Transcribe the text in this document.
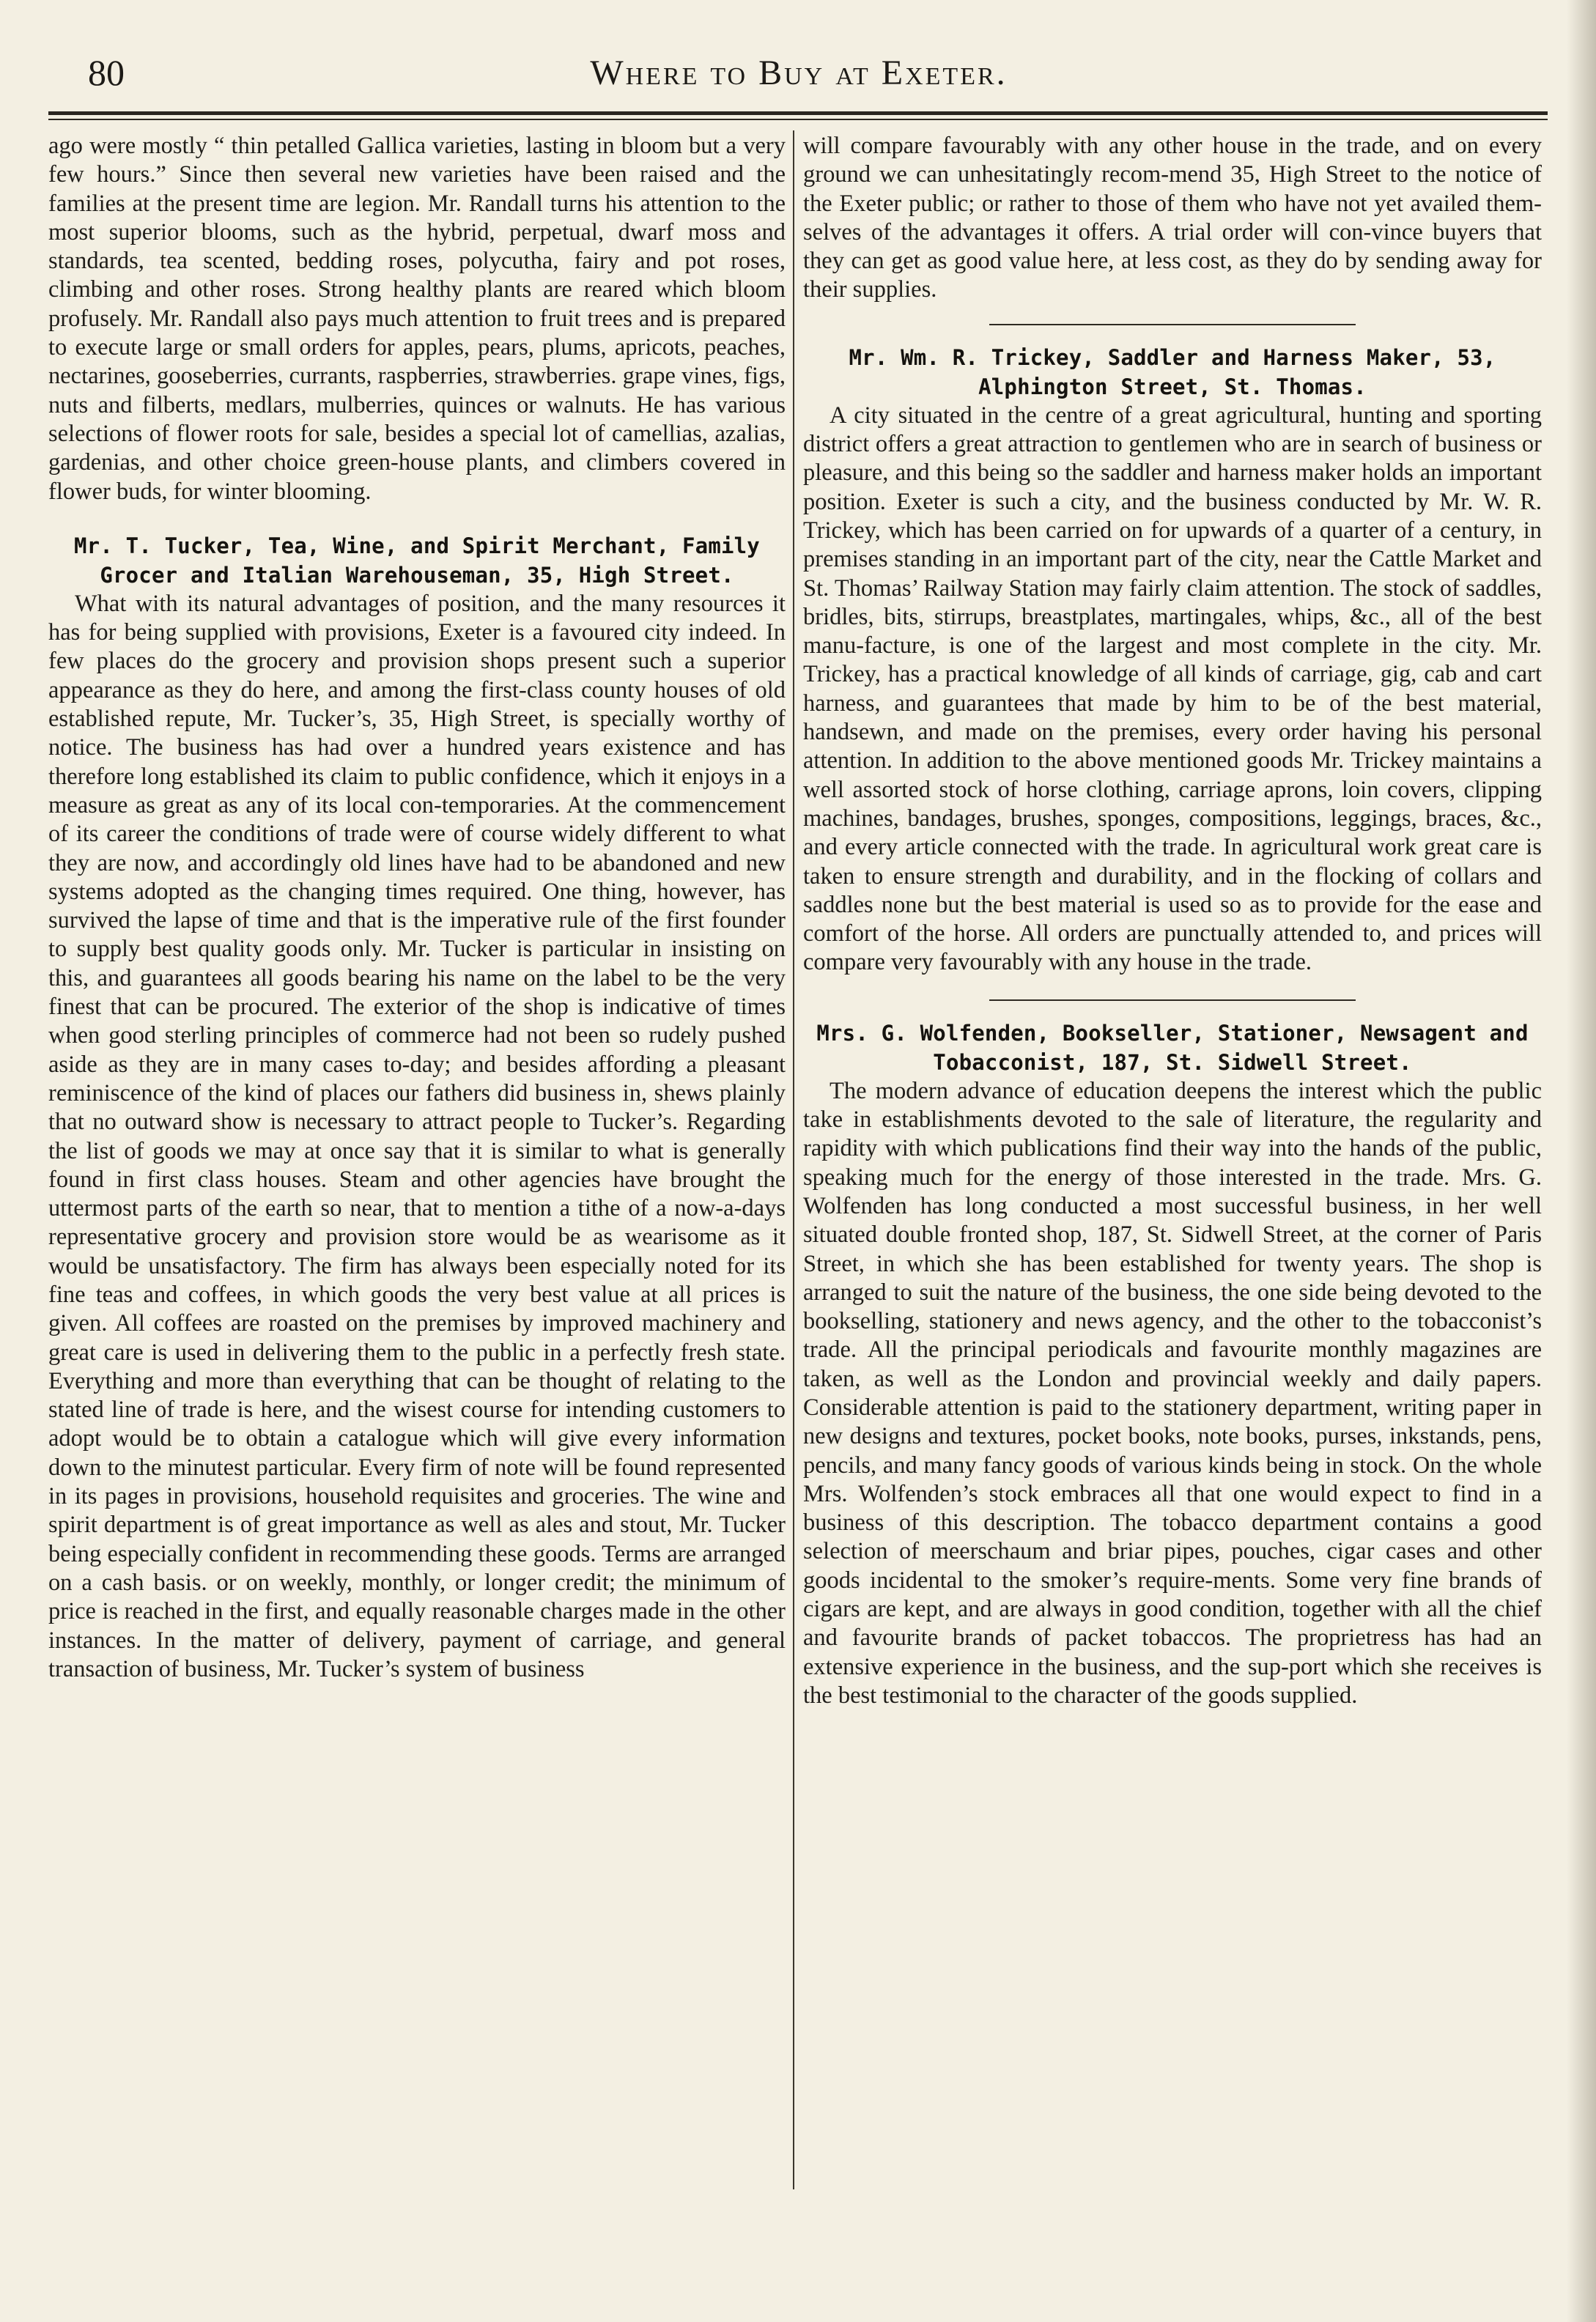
80	Where to Buy at Exeter.

ago were mostly “ thin petalled Gallica varieties, lasting in bloom but a very few hours.” Since then several new varieties have been raised and the families at the present time are legion. Mr. Randall turns his attention to the most superior blooms, such as the hybrid, perpetual, dwarf moss and standards, tea scented, bedding roses, polycutha, fairy and pot roses, climbing and other roses. Strong healthy plants are reared which bloom profusely. Mr. Randall also pays much attention to fruit trees and is prepared to execute large or small orders for apples, pears, plums, apricots, peaches, nectarines, gooseberries, currants, raspberries, strawberries. grape vines, figs, nuts and filberts, medlars, mulberries, quinces or walnuts. He has various selections of flower roots for sale, besides a special lot of camellias, azalias, gardenias, and other choice green-house plants, and climbers covered in flower buds, for winter blooming.

Mr. T. Tucker, Tea, Wine, and Spirit Merchant, Family Grocer and Italian Warehouseman, 35, High Street.

What with its natural advantages of position, and the many resources it has for being supplied with provisions, Exeter is a favoured city indeed. In few places do the grocery and provision shops present such a superior appearance as they do here, and among the first-class county houses of old established repute, Mr. Tucker’s, 35, High Street, is specially worthy of notice. The business has had over a hundred years existence and has therefore long established its claim to public confidence, which it enjoys in a measure as great as any of its local con-temporaries. At the commencement of its career the conditions of trade were of course widely different to what they are now, and accordingly old lines have had to be abandoned and new systems adopted as the changing times required. One thing, however, has survived the lapse of time and that is the imperative rule of the first founder to supply best quality goods only. Mr. Tucker is particular in insisting on this, and guarantees all goods bearing his name on the label to be the very finest that can be procured. The exterior of the shop is indicative of times when good sterling principles of commerce had not been so rudely pushed aside as they are in many cases to-day; and besides affording a pleasant reminiscence of the kind of places our fathers did business in, shews plainly that no outward show is necessary to attract people to Tucker’s. Regarding the list of goods we may at once say that it is similar to what is generally found in first class houses. Steam and other agencies have brought the uttermost parts of the earth so near, that to mention a tithe of a now-a-days representative grocery and provision store would be as wearisome as it would be unsatisfactory. The firm has always been especially noted for its fine teas and coffees, in which goods the very best value at all prices is given. All coffees are roasted on the premises by improved machinery and great care is used in delivering them to the public in a perfectly fresh state. Everything and more than everything that can be thought of relating to the stated line of trade is here, and the wisest course for intending customers to adopt would be to obtain a catalogue which will give every information down to the minutest particular. Every firm of note will be found represented in its pages in provisions, household requisites and groceries. The wine and spirit department is of great importance as well as ales and stout, Mr. Tucker being especially confident in recommending these goods. Terms are arranged on a cash basis. or on weekly, monthly, or longer credit; the minimum of price is reached in the first, and equally reasonable charges made in the other instances. In the matter of delivery, payment of carriage, and general transaction of business, Mr. Tucker’s system of business

will compare favourably with any other house in the trade, and on every ground we can unhesitatingly recom-mend 35, High Street to the notice of the Exeter public; or rather to those of them who have not yet availed them-selves of the advantages it offers. A trial order will con-vince buyers that they can get as good value here, at less cost, as they do by sending away for their supplies.

Mr. Wm. R. Trickey, Saddler and Harness Maker, 53, Alphington Street, St. Thomas.

A city situated in the centre of a great agricultural, hunting and sporting district offers a great attraction to gentlemen who are in search of business or pleasure, and this being so the saddler and harness maker holds an important position. Exeter is such a city, and the business conducted by Mr. W. R. Trickey, which has been carried on for upwards of a quarter of a century, in premises standing in an important part of the city, near the Cattle Market and St. Thomas’ Railway Station may fairly claim attention. The stock of saddles, bridles, bits, stirrups, breastplates, martingales, whips, &c., all of the best manu-facture, is one of the largest and most complete in the city. Mr. Trickey, has a practical knowledge of all kinds of carriage, gig, cab and cart harness, and guarantees that made by him to be of the best material, handsewn, and made on the premises, every order having his personal attention. In addition to the above mentioned goods Mr. Trickey maintains a well assorted stock of horse clothing, carriage aprons, loin covers, clipping machines, bandages, brushes, sponges, compositions, leggings, braces, &c., and every article connected with the trade. In agricultural work great care is taken to ensure strength and durability, and in the flocking of collars and saddles none but the best material is used so as to provide for the ease and comfort of the horse. All orders are punctually attended to, and prices will compare very favourably with any house in the trade.

Mrs. G. Wolfenden, Bookseller, Stationer, Newsagent and Tobacconist, 187, St. Sidwell Street.

The modern advance of education deepens the interest which the public take in establishments devoted to the sale of literature, the regularity and rapidity with which publications find their way into the hands of the public, speaking much for the energy of those interested in the trade. Mrs. G. Wolfenden has long conducted a most successful business, in her well situated double fronted shop, 187, St. Sidwell Street, at the corner of Paris Street, in which she has been established for twenty years. The shop is arranged to suit the nature of the business, the one side being devoted to the bookselling, stationery and news agency, and the other to the tobacconist’s trade. All the principal periodicals and favourite monthly magazines are taken, as well as the London and provincial weekly and daily papers. Considerable attention is paid to the stationery department, writing paper in new designs and textures, pocket books, note books, purses, inkstands, pens, pencils, and many fancy goods of various kinds being in stock. On the whole Mrs. Wolfenden’s stock embraces all that one would expect to find in a business of this description. The tobacco department contains a good selection of meerschaum and briar pipes, pouches, cigar cases and other goods incidental to the smoker’s require-ments. Some very fine brands of cigars are kept, and are always in good condition, together with all the chief and favourite brands of packet tobaccos. The proprietress has had an extensive experience in the business, and the sup-port which she receives is the best testimonial to the character of the goods supplied.
